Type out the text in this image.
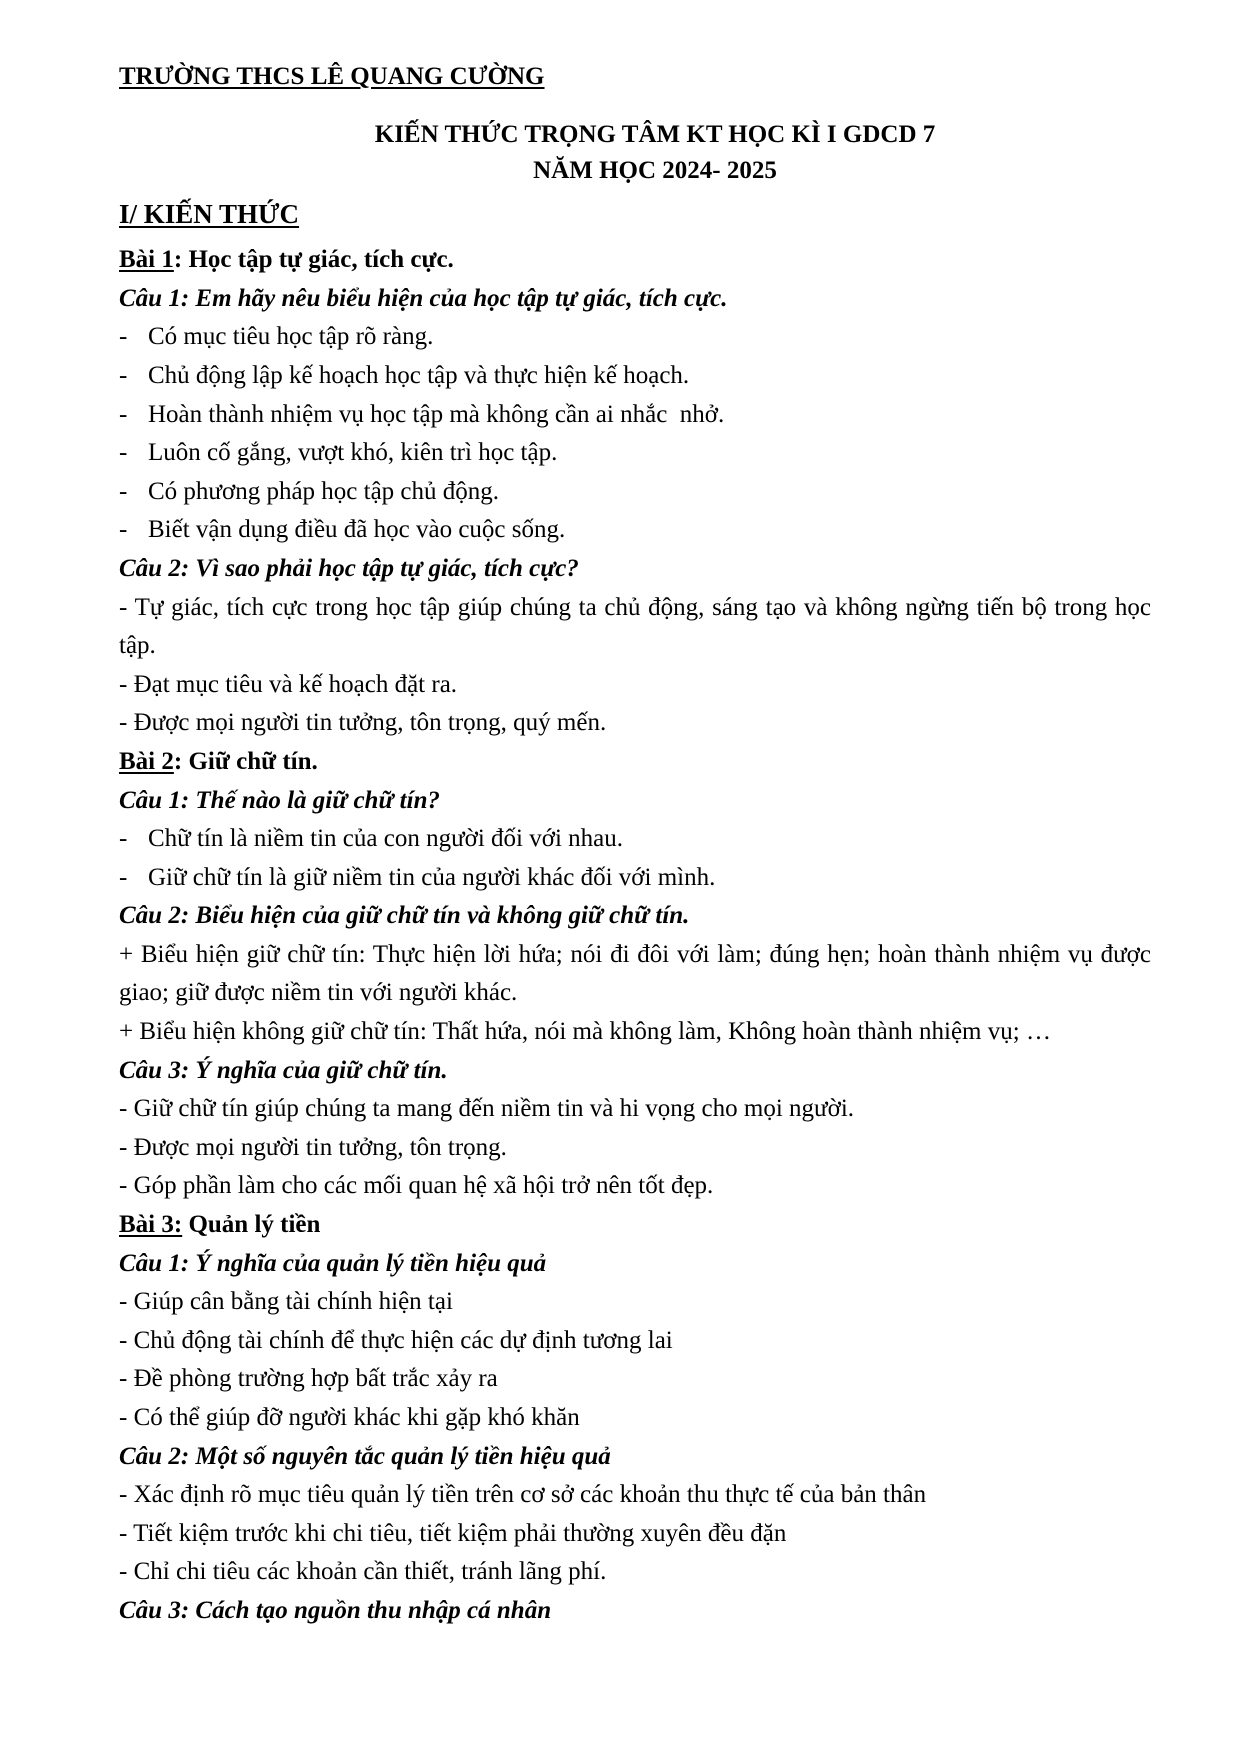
TRƯỜNG THCS LÊ QUANG CƯỜNG
KIẾN THỨC TRỌNG TÂM KT HỌC KÌ I GDCD 7
NĂM HỌC 2024- 2025
I/ KIẾN THỨC
Bài 1: Học tập tự giác, tích cực.
Câu 1: Em hãy nêu biểu hiện của học tập tự giác, tích cực.
- Có mục tiêu học tập rõ ràng.
- Chủ động lập kế hoạch học tập và thực hiện kế hoạch.
- Hoàn thành nhiệm vụ học tập mà không cần ai nhắc  nhở.
- Luôn cố gắng, vượt khó, kiên trì học tập.
- Có phương pháp học tập chủ động.
- Biết vận dụng điều đã học vào cuộc sống.
Câu 2: Vì sao phải học tập tự giác, tích cực?

- Tự giác, tích cực trong học tập giúp chúng ta chủ động, sáng tạo và không ngừng tiến bộ trong học tập.

- Đạt mục tiêu và kế hoạch đặt ra.
- Được mọi người tin tưởng, tôn trọng, quý mến.
Bài 2: Giữ chữ tín.
Câu 1: Thế nào là giữ chữ tín?
- Chữ tín là niềm tin của con người đối với nhau.
- Giữ chữ tín là giữ niềm tin của người khác đối với mình.
Câu 2: Biểu hiện của giữ chữ tín và không giữ chữ tín.

+ Biểu hiện giữ chữ tín: Thực hiện lời hứa; nói đi đôi với làm; đúng hẹn; hoàn thành nhiệm vụ được giao; giữ được niềm tin với người khác.

+ Biểu hiện không giữ chữ tín: Thất hứa, nói mà không làm, Không hoàn thành nhiệm vụ; …

Câu 3: Ý nghĩa của giữ chữ tín.
- Giữ chữ tín giúp chúng ta mang đến niềm tin và hi vọng cho mọi người.
- Được mọi người tin tưởng, tôn trọng.
- Góp phần làm cho các mối quan hệ xã hội trở nên tốt đẹp.
Bài 3: Quản lý tiền
Câu 1: Ý nghĩa của quản lý tiền hiệu quả
- Giúp cân bằng tài chính hiện tại
- Chủ động tài chính để thực hiện các dự định tương lai
- Đề phòng trường hợp bất trắc xảy ra
- Có thể giúp đỡ người khác khi gặp khó khăn
Câu 2: Một số nguyên tắc quản lý tiền hiệu quả
- Xác định rõ mục tiêu quản lý tiền trên cơ sở các khoản thu thực tế của bản thân
- Tiết kiệm trước khi chi tiêu, tiết kiệm phải thường xuyên đều đặn
- Chỉ chi tiêu các khoản cần thiết, tránh lãng phí.
Câu 3: Cách tạo nguồn thu nhập cá nhân
